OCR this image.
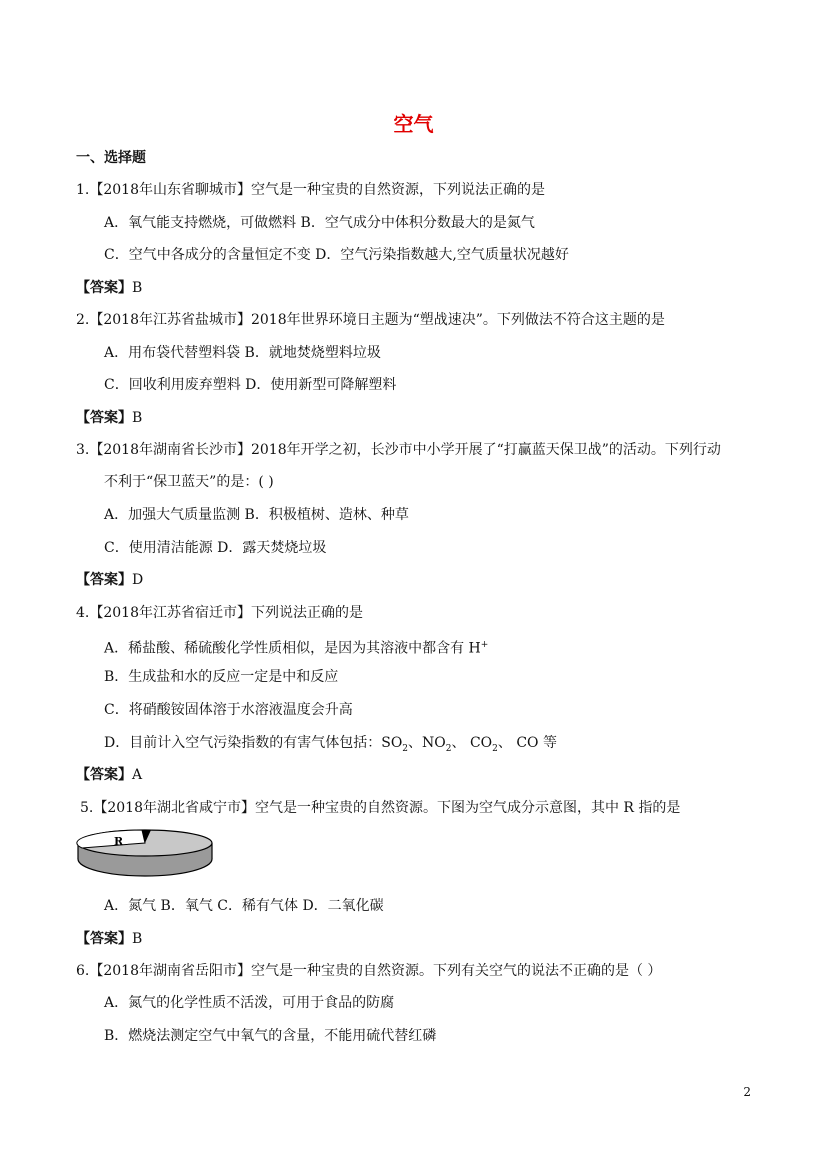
空气
一、选择题
1.【2018年山东省聊城市】空气是一种宝贵的自然资源，下列说法正确的是
A．氧气能支持燃烧，可做燃料 B．空气成分中体积分数最大的是氮气
C．空气中各成分的含量恒定不变 D．空气污染指数越大,空气质量状况越好
【答案】B
2.【2018年江苏省盐城市】2018年世界环境日主题为“塑战速决”。下列做法不符合这主题的是
A．用布袋代替塑料袋 B．就地焚烧塑料垃圾
C．回收利用废弃塑料 D．使用新型可降解塑料
【答案】B
3.【2018年湖南省长沙市】2018年开学之初，长沙市中小学开展了“打赢蓝天保卫战”的活动。下列行动
不利于“保卫蓝天”的是：( )
A．加强大气质量监测 B．积极植树、造林、种草
C．使用清洁能源 D．露天焚烧垃圾
【答案】D
4.【2018年江苏省宿迁市】下列说法正确的是
A．稀盐酸、稀硫酸化学性质相似，是因为其溶液中都含有 H+
B．生成盐和水的反应一定是中和反应
C．将硝酸铵固体溶于水溶液温度会升高
D．目前计入空气污染指数的有害气体包括：$SO_2$、$NO_2$、 $CO_2$、 CO 等
【答案】A
5.【2018年湖北省咸宁市】空气是一种宝贵的自然资源。下图为空气成分示意图，其中 R 指的是
R
A．氮气 B．氧气 C．稀有气体 D．二氧化碳
【答案】B
6.【2018年湖南省岳阳市】空气是一种宝贵的自然资源。下列有关空气的说法不正确的是（ ）
A．氮气的化学性质不活泼，可用于食品的防腐
B．燃烧法测定空气中氧气的含量，不能用硫代替红磷
2
